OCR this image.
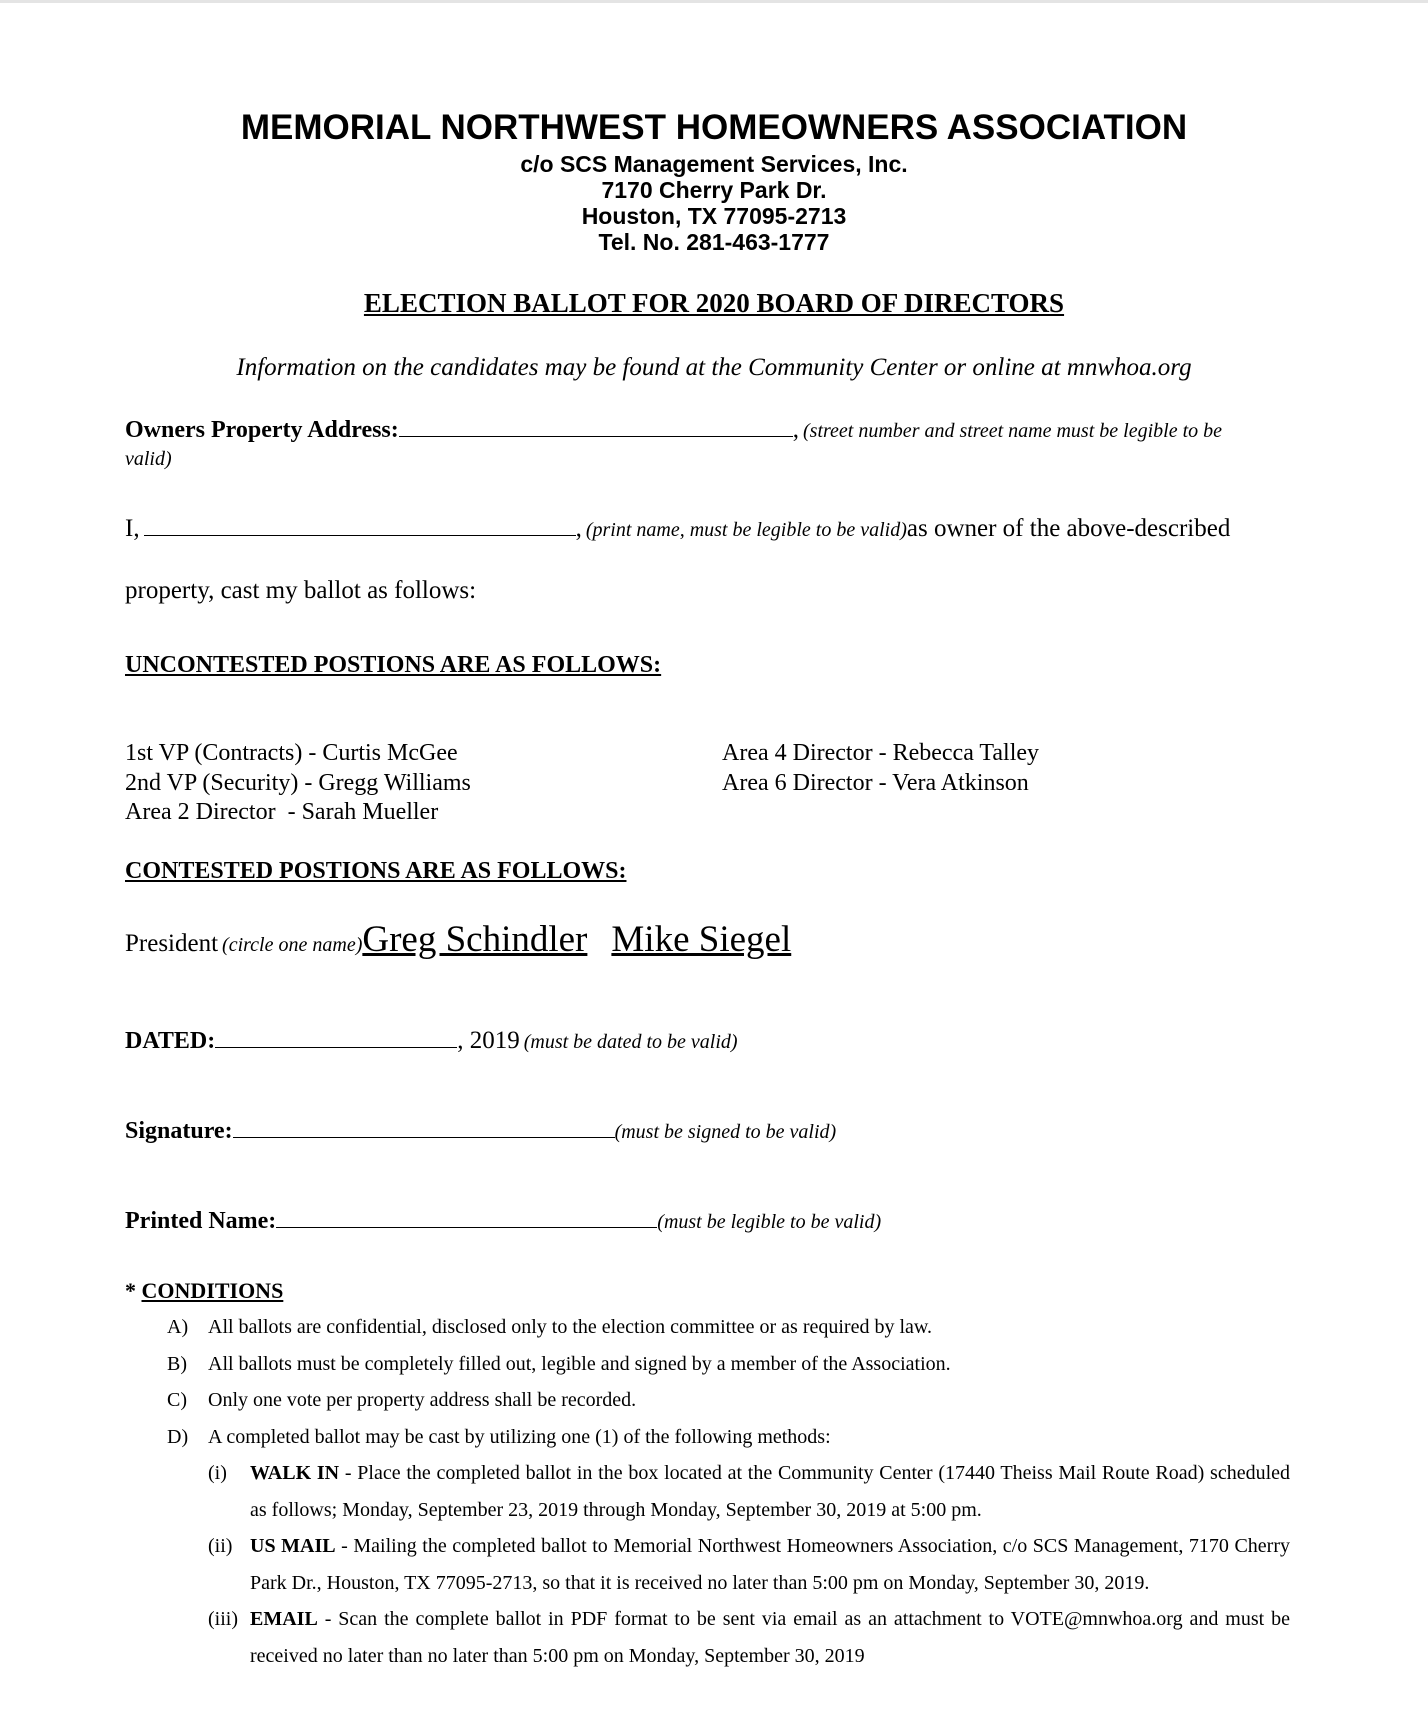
MEMORIAL NORTHWEST HOMEOWNERS ASSOCIATION
c/o SCS Management Services, Inc.
7170 Cherry Park Dr.
Houston, TX 77095-2713
Tel. No. 281-463-1777
ELECTION BALLOT FOR 2020 BOARD OF DIRECTORS
Information on the candidates may be found at the Community Center or online at mnwhoa.org
Owners Property Address:	, (street number and street name must be legible to be
valid)
I,	, (print name, must be legible to be valid)as owner of the above-described
property, cast my ballot as follows:
UNCONTESTED POSTIONS ARE AS FOLLOWS:
1st VP (Contracts) - Curtis McGee
2nd VP (Security) - Gregg Williams
Area 2 Director  - Sarah Mueller
Area 4 Director - Rebecca Talley
Area 6 Director - Vera Atkinson
CONTESTED POSTIONS ARE AS FOLLOWS:
President (circle one name)Greg Schindler Mike Siegel
DATED:	, 2019 (must be dated to be valid)
Signature:	(must be signed to be valid)
Printed Name:	(must be legible to be valid)
* CONDITIONS
A) All ballots are confidential, disclosed only to the election committee or as required by law.
B) All ballots must be completely filled out, legible and signed by a member of the Association.
C) Only one vote per property address shall be recorded.
D) A completed ballot may be cast by utilizing one (1) of the following methods:
(i) WALK IN - Place the completed ballot in the box located at the Community Center (17440 Theiss Mail Route Road) scheduled as follows; Monday, September 23, 2019 through Monday, September 30, 2019 at 5:00 pm.
(ii) US MAIL - Mailing the completed ballot to Memorial Northwest Homeowners Association, c/o SCS Management, 7170 Cherry Park Dr., Houston, TX 77095-2713, so that it is received no later than 5:00 pm on Monday, September 30, 2019.
(iii) EMAIL - Scan the complete ballot in PDF format to be sent via email as an attachment to VOTE@mnwhoa.org and must be received no later than no later than 5:00 pm on Monday, September 30, 2019
